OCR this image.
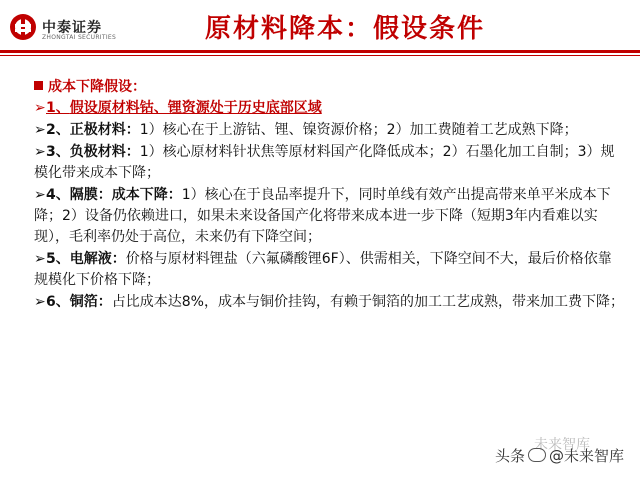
中泰证券
ZHONGTAI SECURITIES	原材料降本：假设条件
成本下降假设：
➢1、假设原材料钴、锂资源处于历史底部区域
➢2、正极材料：1）核心在于上游钴、锂、镍资源价格；2）加工费随着工艺成熟下降；
➢3、负极材料：1）核心原材料针状焦等原材料国产化降低成本；2）石墨化加工自制；3）规模化带来成本下降；
➢4、隔膜：成本下降：1）核心在于良品率提升下，同时单线有效产出提高带来单平米成本下降；2）设备仍依赖进口，如果未来设备国产化将带来成本进一步下降（短期3年内看难以实现），毛利率仍处于高位，未来仍有下降空间；
➢5、电解液：价格与原材料锂盐（六氟磷酸锂6F）、供需相关，下降空间不大，最后价格依靠规模化下价格下降；
➢6、铜箔：占比成本达8%，成本与铜价挂钩，有赖于铜箔的加工工艺成熟，带来加工费下降；
未来智库
头条 @未来智库
